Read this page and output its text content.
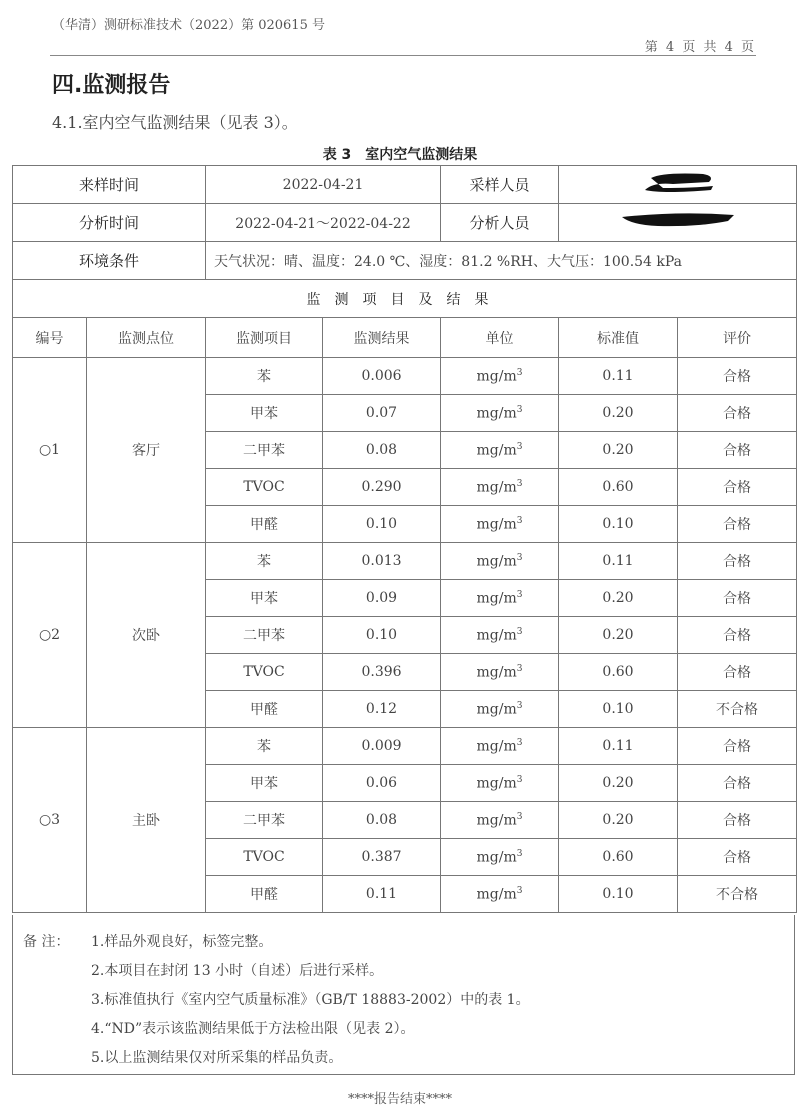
（华清）测研标准技术（2022）第 020615 号
第 4 页 共 4 页
四.监测报告
4.1.室内空气监测结果（见表 3）。
表 3　室内空气监测结果
来样时间		2022-04-21		采样人员	
分析时间		2022-04-21～2022-04-22		分析人员	
环境条件		天气状况：晴、温度：24.0 ℃、湿度：81.2 %RH、大气压：100.54 kPa				
监测项目及结果						
编号	监测点位	监测项目	监测结果	单位	标准值	评价
○1	客厅	苯	0.006	$mg/m^3$	0.11	合格
		甲苯	0.07	$mg/m^3$	0.20	合格
		二甲苯	0.08	$mg/m^3$	0.20	合格
		TVOC	0.290	$mg/m^3$	0.60	合格
		甲醛	0.10	$mg/m^3$	0.10	合格
○2	次卧	苯	0.013	$mg/m^3$	0.11	合格
		甲苯	0.09	$mg/m^3$	0.20	合格
		二甲苯	0.10	$mg/m^3$	0.20	合格
		TVOC	0.396	$mg/m^3$	0.60	合格
		甲醛	0.12	$mg/m^3$	0.10	不合格
○3	主卧	苯	0.009	$mg/m^3$	0.11	合格
		甲苯	0.06	$mg/m^3$	0.20	合格
		二甲苯	0.08	$mg/m^3$	0.20	合格
		TVOC	0.387	$mg/m^3$	0.60	合格
		甲醛	0.11	$mg/m^3$	0.10	不合格
备 注： 1.样品外观良好，标签完整。
2.本项目在封闭 13 小时（自述）后进行采样。
3.标准值执行《室内空气质量标准》（GB/T 18883-2002）中的表 1。
4.“ND”表示该监测结果低于方法检出限（见表 2）。
5.以上监测结果仅对所采集的样品负责。
****报告结束****
